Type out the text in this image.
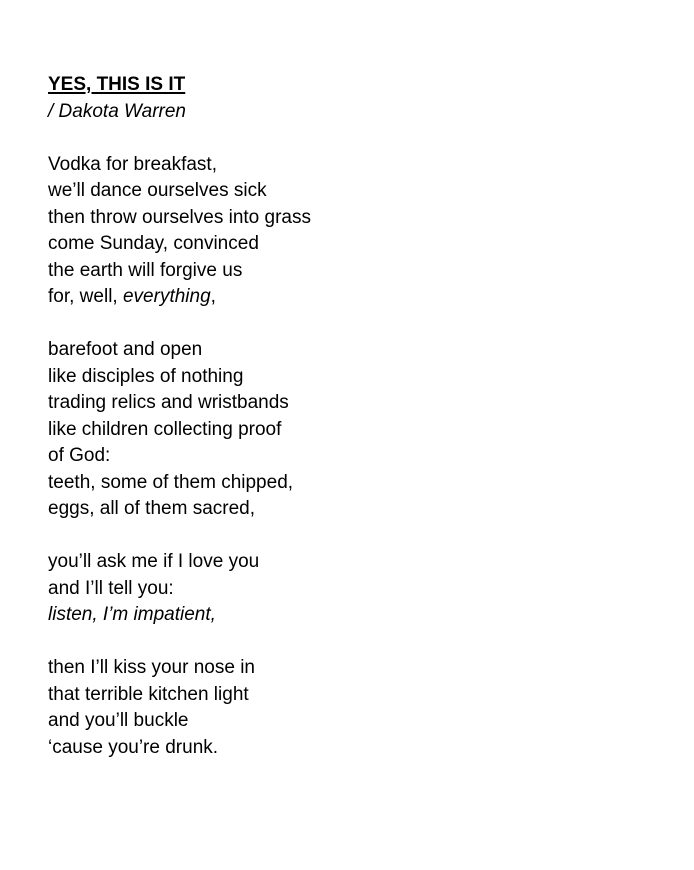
YES, THIS IS IT
/ Dakota Warren
Vodka for breakfast,
we’ll dance ourselves sick
then throw ourselves into grass
come Sunday, convinced
the earth will forgive us
for, well, everything,
barefoot and open
like disciples of nothing
trading relics and wristbands
like children collecting proof
of God:
teeth, some of them chipped,
eggs, all of them sacred,
you’ll ask me if I love you
and I’ll tell you:
listen, I’m impatient,
then I’ll kiss your nose in
that terrible kitchen light
and you’ll buckle
‘cause you’re drunk.
